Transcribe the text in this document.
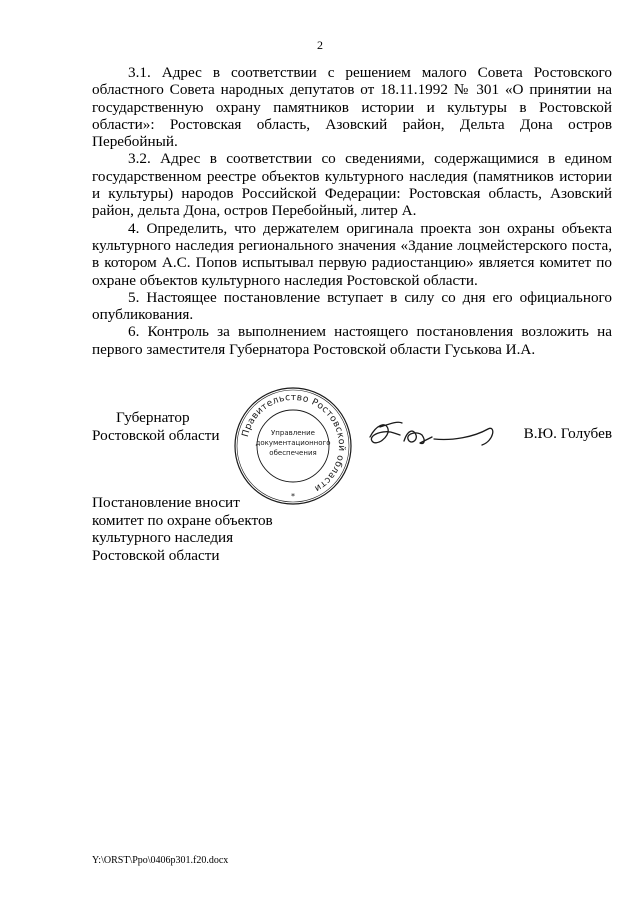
2

3.1. Адрес в соответствии с решением малого Совета Ростовского областного Совета народных депутатов от 18.11.1992 № 301 «О принятии на государственную охрану памятников истории и культуры в Ростовской области»: Ростовская область, Азовский район, Дельта Дона остров Перебойный.

3.2. Адрес в соответствии со сведениями, содержащимися в едином государственном реестре объектов культурного наследия (памятников истории и культуры) народов Российской Федерации: Ростовская область, Азовский район, дельта Дона, остров Перебойный, литер А.

4. Определить, что держателем оригинала проекта зон охраны объекта культурного наследия регионального значения «Здание лоцмейстерского поста, в котором А.С. Попов испытывал первую радиостанцию» является комитет по охране объектов культурного наследия Ростовской области.

5. Настоящее постановление вступает в силу со дня его официального опубликования.

6. Контроль за выполнением настоящего постановления возложить на первого заместителя Губернатора Ростовской области Гуськова И.А.

Губернатор
Ростовской области Правительство Ростовской области
Управление
документационного
обеспечения
*
В.Ю. Голубев
Постановление вносит
комитет по охране объектов
культурного наследия
Ростовской области
Y:\ORST\Ppo\0406p301.f20.docx
